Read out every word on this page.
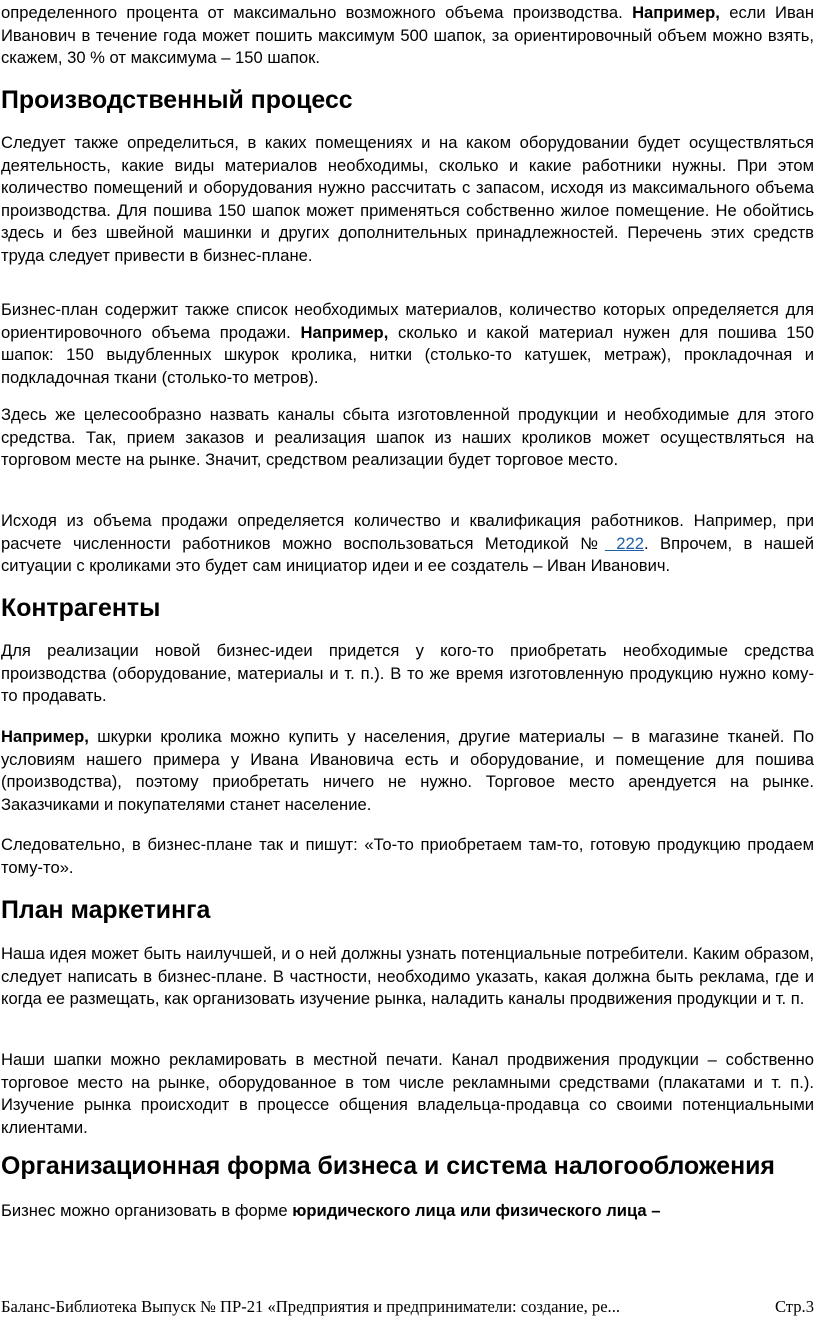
определенного процента от максимально возможного объема производства. Например, если Иван Иванович в течение года может пошить максимум 500 шапок, за ориентировочный объем можно взять, скажем, 30 % от максимума – 150 шапок.

Производственный процесс

Следует также определиться, в каких помещениях и на каком оборудовании будет осуществляться деятельность, какие виды материалов необходимы, сколько и какие работники нужны. При этом количество помещений и оборудования нужно рассчитать с запасом, исходя из максимального объема производства. Для пошива 150 шапок может применяться собственно жилое помещение. Не обойтись здесь и без швейной машинки и других дополнительных принадлежностей. Перечень этих средств труда следует привести в бизнес-плане.

Бизнес-план содержит также список необходимых материалов, количество которых определяется для ориентировочного объема продажи. Например, сколько и какой материал нужен для пошива 150 шапок: 150 выдубленных шкурок кролика, нитки (столько-то катушек, метраж), прокладочная и подкладочная ткани (столько-то метров).

Здесь же целесообразно назвать каналы сбыта изготовленной продукции и необходимые для этого средства. Так, прием заказов и реализация шапок из наших кроликов может осуществляться на торговом месте на рынке. Значит, средством реализации будет торговое место.

Исходя из объема продажи определяется количество и квалификация работников. Например, при расчете численности работников можно воспользоваться Методикой № 222. Впрочем, в нашей ситуации с кроликами это будет сам инициатор идеи и ее создатель – Иван Иванович.

Контрагенты

Для реализации новой бизнес-идеи придется у кого-то приобретать необходимые средства производства (оборудование, материалы и т. п.). В то же время изготовленную продукцию нужно кому-то продавать.

Например, шкурки кролика можно купить у населения, другие материалы – в магазине тканей. По условиям нашего примера у Ивана Ивановича есть и оборудование, и помещение для пошива (производства), поэтому приобретать ничего не нужно. Торговое место арендуется на рынке. Заказчиками и покупателями станет население.

Следовательно, в бизнес-плане так и пишут: «То-то приобретаем там-то, готовую продукцию продаем тому-то».

План маркетинга

Наша идея может быть наилучшей, и о ней должны узнать потенциальные потребители. Каким образом, следует написать в бизнес-плане. В частности, необходимо указать, какая должна быть реклама, где и когда ее размещать, как организовать изучение рынка, наладить каналы продвижения продукции и т. п.

Наши шапки можно рекламировать в местной печати. Канал продвижения продукции – собственно торговое место на рынке, оборудованное в том числе рекламными средствами (плакатами и т. п.). Изучение рынка происходит в процессе общения владельца-продавца со своими потенциальными клиентами.

Организационная форма бизнеса и система налогообложения

Бизнес можно организовать в форме юридического лица или физического лица –

Баланс-Библиотека Выпуск № ПР-21 «Предприятия и предприниматели: создание, ре...	Стр.3
